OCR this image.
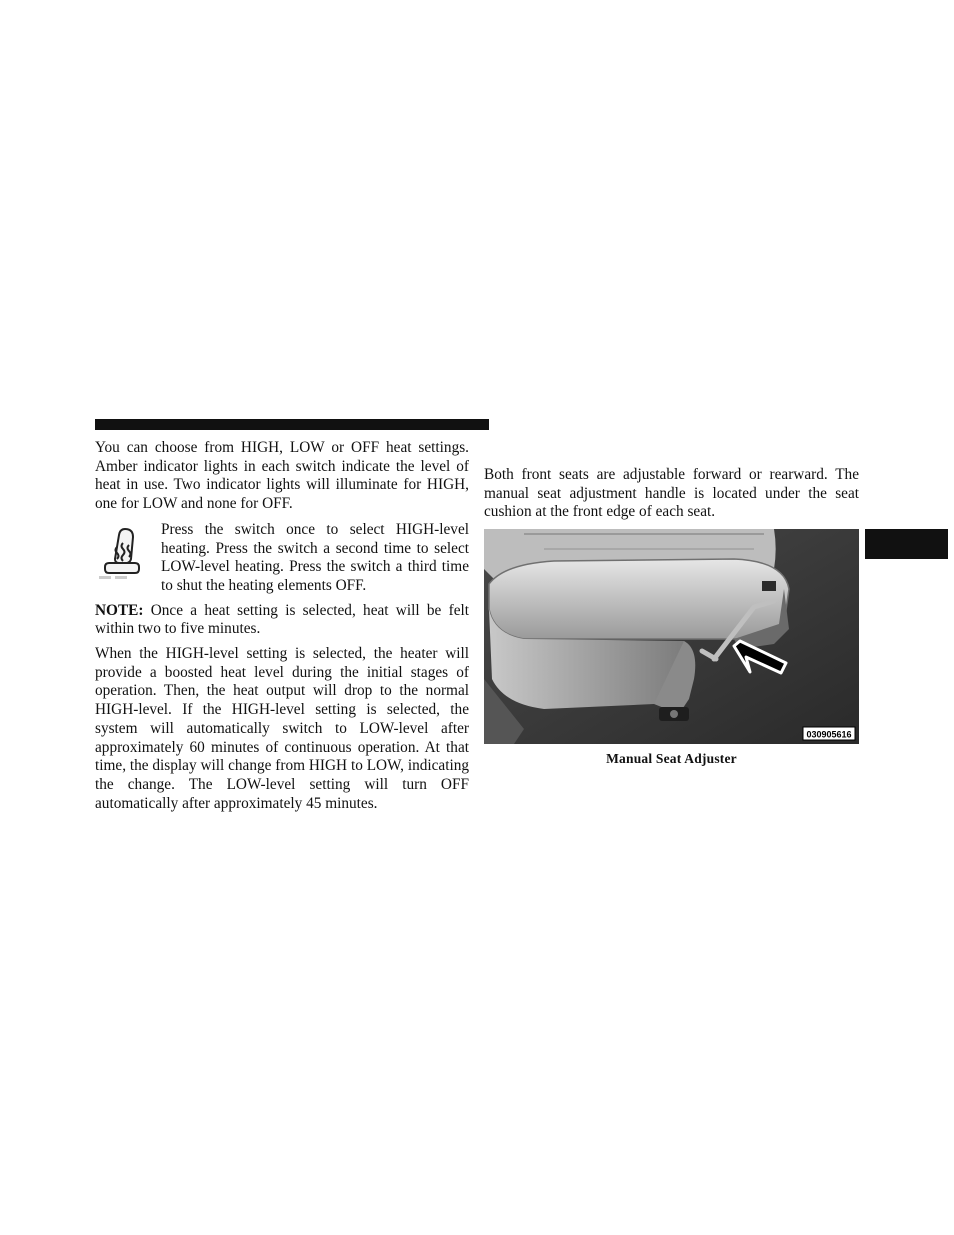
You can choose from HIGH, LOW or OFF heat settings. Amber indicator lights in each switch indicate the level of heat in use. Two indicator lights will illuminate for HIGH, one for LOW and none for OFF.

Press the switch once to select HIGH-level heating. Press the switch a second time to select LOW-level heating. Press the switch a third time to shut the heating elements OFF.

NOTE: Once a heat setting is selected, heat will be felt within two to five minutes.

When the HIGH-level setting is selected, the heater will provide a boosted heat level during the initial stages of operation. Then, the heat output will drop to the normal HIGH-level. If the HIGH-level setting is selected, the system will automatically switch to LOW-level after approximately 60 minutes of continuous operation. At that time, the display will change from HIGH to LOW, indicating the change. The LOW-level setting will turn OFF automatically after approximately 45 minutes.

Both front seats are adjustable forward or rearward. The manual seat adjustment handle is located under the seat cushion at the front edge of each seat.

030905616
Manual Seat Adjuster
